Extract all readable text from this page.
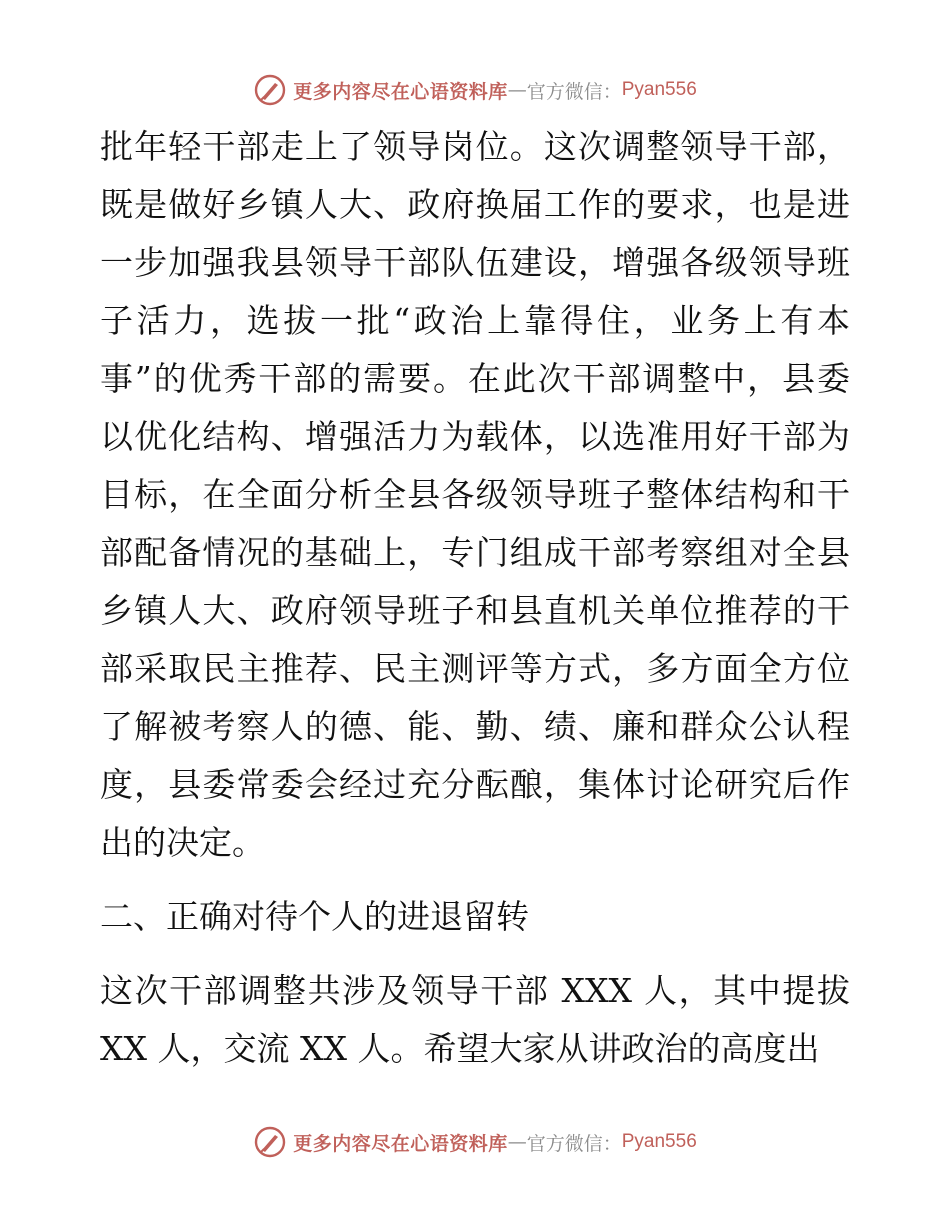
更多内容尽在心语资料库 — 官方微信： Pyan556
批年轻干部走上了领导岗位。这次调整领导干部，
既是做好乡镇人大、政府换届工作的要求，也是进
一步加强我县领导干部队伍建设，增强各级领导班
子活力，选拔一批“政治上靠得住，业务上有本
事”的优秀干部的需要。在此次干部调整中，县委
以优化结构、增强活力为载体，以选准用好干部为
目标，在全面分析全县各级领导班子整体结构和干
部配备情况的基础上，专门组成干部考察组对全县
乡镇人大、政府领导班子和县直机关单位推荐的干
部采取民主推荐、民主测评等方式，多方面全方位
了解被考察人的德、能、勤、绩、廉和群众公认程
度，县委常委会经过充分酝酿，集体讨论研究后作
出的决定。
二、正确对待个人的进退留转
这次干部调整共涉及领导干部 XXX 人，其中提拔
XX 人，交流 XX 人。希望大家从讲政治的高度出
更多内容尽在心语资料库 — 官方微信： Pyan556
